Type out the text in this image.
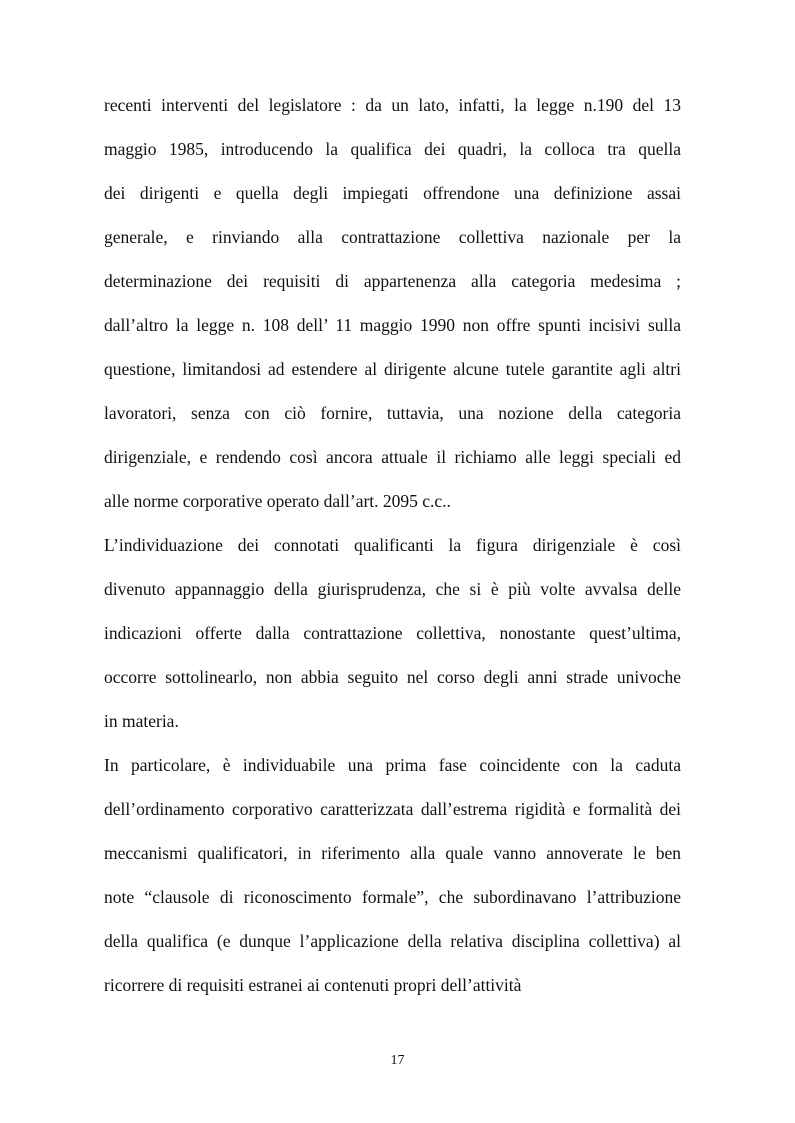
recenti interventi del legislatore : da un lato, infatti, la legge n.190 del 13
maggio 1985, introducendo la qualifica dei quadri, la colloca tra quella
dei dirigenti e quella degli impiegati offrendone una definizione assai
generale, e rinviando alla contrattazione collettiva nazionale per la
determinazione dei requisiti di appartenenza alla categoria medesima ;
dall’altro la legge n. 108 dell’ 11 maggio 1990 non offre spunti incisivi sulla
questione, limitandosi ad estendere al dirigente alcune tutele garantite agli altri
lavoratori, senza con ciò fornire, tuttavia, una nozione della categoria
dirigenziale, e rendendo così ancora attuale il richiamo alle leggi speciali ed
alle norme corporative operato dall’art. 2095 c.c..
L’individuazione dei connotati qualificanti la figura dirigenziale è così
divenuto appannaggio della giurisprudenza, che si è più volte avvalsa delle
indicazioni offerte dalla contrattazione collettiva, nonostante quest’ultima,
occorre sottolinearlo, non abbia seguito nel corso degli anni strade univoche
in materia.
In particolare, è individuabile una prima fase coincidente con la caduta
dell’ordinamento corporativo caratterizzata dall’estrema rigidità e formalità dei
meccanismi qualificatori, in riferimento alla quale vanno annoverate le ben
note “clausole di riconoscimento formale”, che subordinavano l’attribuzione
della qualifica (e dunque l’applicazione della relativa disciplina collettiva) al
ricorrere di requisiti estranei ai contenuti propri dell’attività
17
